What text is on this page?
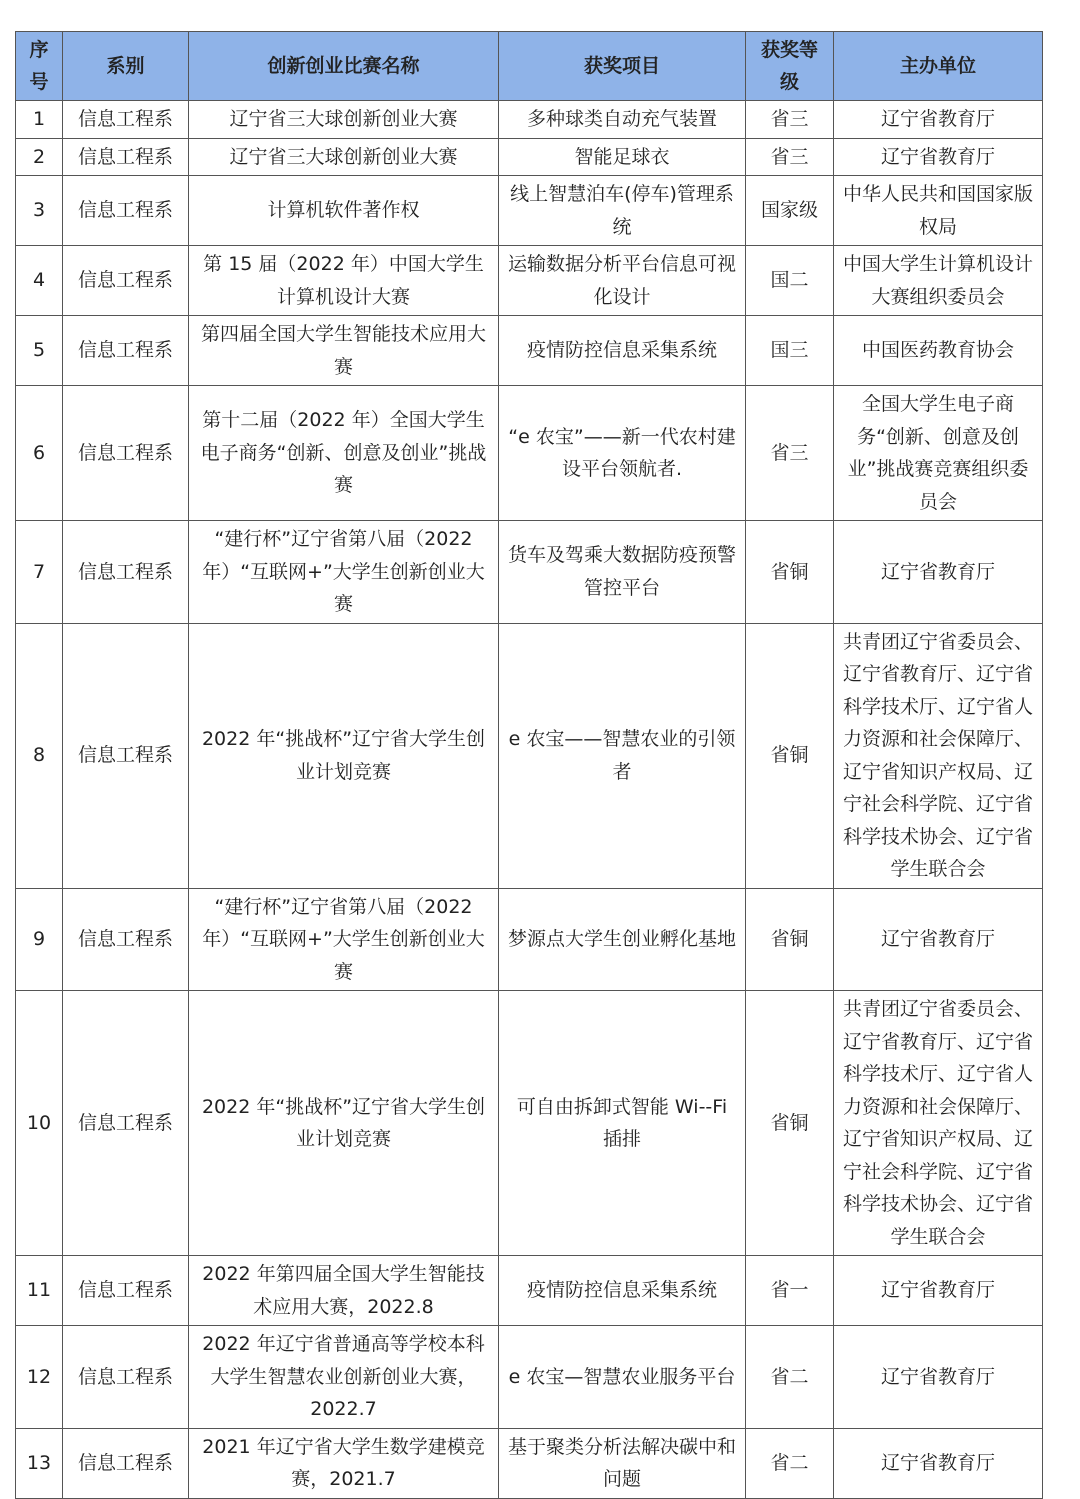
序号	系别	创新创业比赛名称	获奖项目	获奖等级	主办单位
1	信息工程系	辽宁省三大球创新创业大赛	多种球类自动充气装置	省三	辽宁省教育厅
2	信息工程系	辽宁省三大球创新创业大赛	智能足球衣	省三	辽宁省教育厅
3	信息工程系	计算机软件著作权	线上智慧泊车(停车)管理系统	国家级	中华人民共和国国家版权局
4	信息工程系	第 15 届（2022 年）中国大学生计算机设计大赛	运输数据分析平台信息可视化设计	国二	中国大学生计算机设计大赛组织委员会
5	信息工程系	第四届全国大学生智能技术应用大赛	疫情防控信息采集系统	国三	中国医药教育协会
6	信息工程系	第十二届（2022 年）全国大学生电子商务“创新、创意及创业”挑战赛	“e 农宝”——新一代农村建设平台领航者.	省三	全国大学生电子商务“创新、创意及创业”挑战赛竞赛组织委员会
7	信息工程系	“建行杯”辽宁省第八届（2022 年）“互联网+”大学生创新创业大赛	货车及驾乘大数据防疫预警管控平台	省铜	辽宁省教育厅
8	信息工程系	2022 年“挑战杯”辽宁省大学生创业计划竞赛	e 农宝——智慧农业的引领者	省铜	共青团辽宁省委员会、辽宁省教育厅、辽宁省科学技术厅、辽宁省人力资源和社会保障厅、辽宁省知识产权局、辽宁社会科学院、辽宁省科学技术协会、辽宁省学生联合会
9	信息工程系	“建行杯”辽宁省第八届（2022 年）“互联网+”大学生创新创业大赛	梦源点大学生创业孵化基地	省铜	辽宁省教育厅
10	信息工程系	2022 年“挑战杯”辽宁省大学生创业计划竞赛	可自由拆卸式智能 Wi--Fi 插排	省铜	共青团辽宁省委员会、辽宁省教育厅、辽宁省科学技术厅、辽宁省人力资源和社会保障厅、辽宁省知识产权局、辽宁社会科学院、辽宁省科学技术协会、辽宁省学生联合会
11	信息工程系	2022 年第四届全国大学生智能技术应用大赛，2022.8	疫情防控信息采集系统	省一	辽宁省教育厅
12	信息工程系	2022 年辽宁省普通高等学校本科大学生智慧农业创新创业大赛，2022.7	e 农宝—智慧农业服务平台	省二	辽宁省教育厅
13	信息工程系	2021 年辽宁省大学生数学建模竞赛，2021.7	基于聚类分析法解决碳中和问题	省二	辽宁省教育厅
